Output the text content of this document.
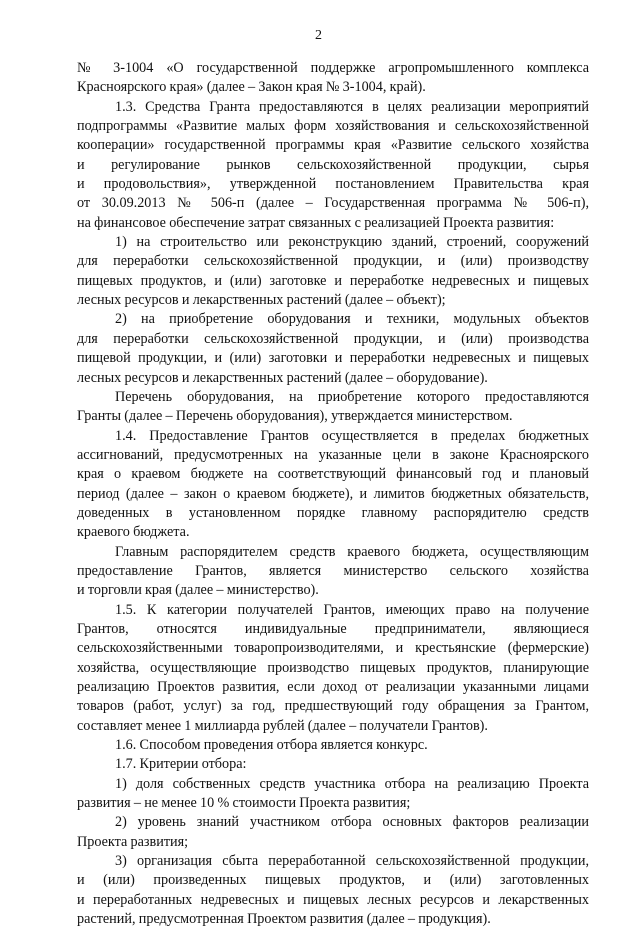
2

№ 3-1004 «О государственной поддержке агропромышленного комплекса

Красноярского края» (далее – Закон края № 3-1004, край).

1.3. Средства Гранта предоставляются в целях реализации мероприятий

подпрограммы «Развитие малых форм хозяйствования и сельскохозяйственной

кооперации» государственной программы края «Развитие сельского хозяйства

и регулирование рынков сельскохозяйственной продукции, сырья

и продовольствия», утвержденной постановлением Правительства края

от 30.09.2013 № 506-п (далее – Государственная программа № 506-п),

на финансовое обеспечение затрат связанных с реализацией Проекта развития:

1) на строительство или реконструкцию зданий, строений, сооружений

для переработки сельскохозяйственной продукции, и (или) производству

пищевых продуктов, и (или) заготовке и переработке недревесных и пищевых

лесных ресурсов и лекарственных растений (далее – объект);

2) на приобретение оборудования и техники, модульных объектов

для переработки сельскохозяйственной продукции, и (или) производства

пищевой продукции, и (или) заготовки и переработки недревесных и пищевых

лесных ресурсов и лекарственных растений (далее – оборудование).

Перечень оборудования, на приобретение которого предоставляются

Гранты (далее – Перечень оборудования), утверждается министерством.

1.4. Предоставление Грантов осуществляется в пределах бюджетных

ассигнований, предусмотренных на указанные цели в законе Красноярского

края о краевом бюджете на соответствующий финансовый год и плановый

период (далее – закон о краевом бюджете), и лимитов бюджетных обязательств,

доведенных в установленном порядке главному распорядителю средств

краевого бюджета.

Главным распорядителем средств краевого бюджета, осуществляющим

предоставление Грантов, является министерство сельского хозяйства

и торговли края (далее – министерство).

1.5. К категории получателей Грантов, имеющих право на получение

Грантов, относятся индивидуальные предприниматели, являющиеся

сельскохозяйственными товаропроизводителями, и крестьянские (фермерские)

хозяйства, осуществляющие производство пищевых продуктов, планирующие

реализацию Проектов развития, если доход от реализации указанными лицами

товаров (работ, услуг) за год, предшествующий году обращения за Грантом,

составляет менее 1 миллиарда рублей (далее – получатели Грантов).

1.6. Способом проведения отбора является конкурс.

1.7. Критерии отбора:

1) доля собственных средств участника отбора на реализацию Проекта

развития – не менее 10 % стоимости Проекта развития;

2) уровень знаний участником отбора основных факторов реализации

Проекта развития;

3) организация сбыта переработанной сельскохозяйственной продукции,

и (или) произведенных пищевых продуктов, и (или) заготовленных

и переработанных недревесных и пищевых лесных ресурсов и лекарственных

растений, предусмотренная Проектом развития (далее – продукция).
